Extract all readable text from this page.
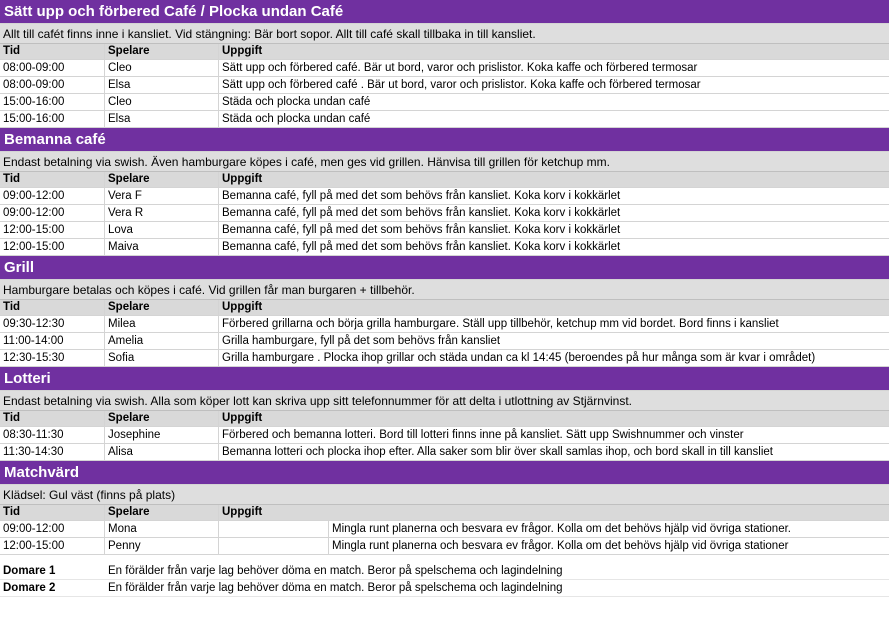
Sätt upp och förbered Café / Plocka undan Café
Allt till cafét finns inne i kansliet. Vid stängning: Bär bort sopor. Allt till café skall tillbaka in till kansliet.
Tid	Spelare	Uppgift
08:00-09:00	Cleo	Sätt upp och förbered café. Bär ut bord, varor och prislistor. Koka kaffe och förbered termosar
08:00-09:00	Elsa	Sätt upp och förbered café . Bär ut bord, varor och prislistor. Koka kaffe och förbered termosar
15:00-16:00	Cleo	Städa och plocka undan café
15:00-16:00	Elsa	Städa och plocka undan café
Bemanna café
Endast betalning via swish. Även hamburgare köpes i café, men ges vid grillen. Hänvisa till grillen för ketchup mm.
Tid	Spelare	Uppgift
09:00-12:00	Vera F	Bemanna café, fyll på med det som behövs från kansliet. Koka korv i kokkärlet
09:00-12:00	Vera R	Bemanna café, fyll på med det som behövs från kansliet. Koka korv i kokkärlet
12:00-15:00	Lova	Bemanna café, fyll på med det som behövs från kansliet. Koka korv i kokkärlet
12:00-15:00	Maiva	Bemanna café, fyll på med det som behövs från kansliet. Koka korv i kokkärlet
Grill
Hamburgare betalas och köpes i café. Vid grillen får man burgaren + tillbehör.
Tid	Spelare	Uppgift
09:30-12:30	Milea	Förbered grillarna och börja grilla hamburgare. Ställ upp tillbehör, ketchup mm vid bordet. Bord finns i kansliet
11:00-14:00	Amelia	Grilla hamburgare, fyll på det som behövs från kansliet
12:30-15:30	Sofia	Grilla hamburgare . Plocka ihop grillar och städa undan ca kl 14:45 (beroendes på hur många som är kvar i området)
Lotteri
Endast betalning via swish. Alla som köper lott kan skriva upp sitt telefonnummer för att delta i utlottning av Stjärnvinst.
Tid	Spelare	Uppgift
08:30-11:30	Josephine	Förbered och bemanna lotteri. Bord till lotteri finns inne på kansliet. Sätt upp Swishnummer och vinster
11:30-14:30	Alisa	Bemanna lotteri och plocka ihop efter. Alla saker som blir över skall samlas ihop, och bord skall in till kansliet
Matchvärd
Klädsel: Gul väst (finns på plats)
Tid	Spelare	Uppgift
09:00-12:00	Mona	Mingla runt planerna och besvara ev frågor. Kolla om det behövs hjälp vid övriga stationer.
12:00-15:00	Penny	Mingla runt planerna och besvara ev frågor. Kolla om det behövs hjälp vid övriga stationer
Domare 1	En förälder från varje lag behöver döma en match. Beror på spelschema och lagindelning
Domare 2	En förälder från varje lag behöver döma en match. Beror på spelschema och lagindelning
